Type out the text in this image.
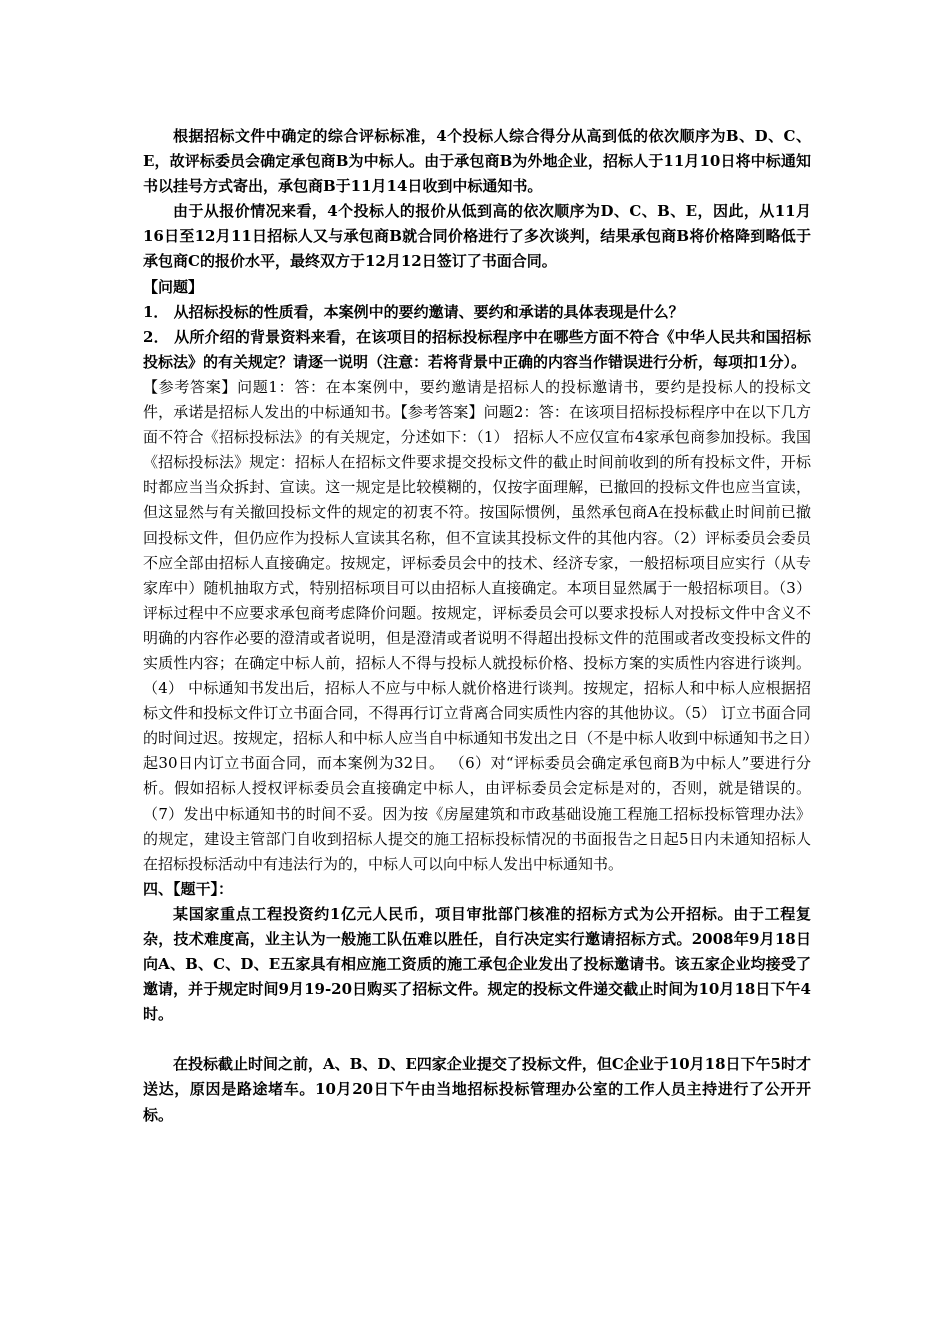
根据招标文件中确定的综合评标标准，4个投标人综合得分从高到低的依次顺序为B、D、C、E，故评标委员会确定承包商B为中标人。由于承包商B为外地企业，招标人于11月10日将中标通知书以挂号方式寄出，承包商B于11月14日收到中标通知书。

由于从报价情况来看，4个投标人的报价从低到高的依次顺序为D、C、B、E，因此，从11月16日至12月11日招标人又与承包商B就合同价格进行了多次谈判，结果承包商B将价格降到略低于承包商C的报价水平，最终双方于12月12日签订了书面合同。

【问题】

1． 从招标投标的性质看，本案例中的要约邀请、要约和承诺的具体表现是什么？

2． 从所介绍的背景资料来看，在该项目的招标投标程序中在哪些方面不符合《中华人民共和国招标投标法》的有关规定？请逐一说明（注意：若将背景中正确的内容当作错误进行分析，每项扣1分）。

【参考答案】问题1：答：在本案例中，要约邀请是招标人的投标邀请书，要约是投标人的投标文件，承诺是招标人发出的中标通知书。【参考答案】问题2：答：在该项目招标投标程序中在以下几方面不符合《招标投标法》的有关规定，分述如下：（1） 招标人不应仅宣布4家承包商参加投标。我国《招标投标法》规定：招标人在招标文件要求提交投标文件的截止时间前收到的所有投标文件，开标时都应当当众拆封、宣读。这一规定是比较模糊的，仅按字面理解，已撤回的投标文件也应当宣读，但这显然与有关撤回投标文件的规定的初衷不符。按国际惯例，虽然承包商A在投标截止时间前已撤回投标文件，但仍应作为投标人宣读其名称，但不宣读其投标文件的其他内容。（2）评标委员会委员不应全部由招标人直接确定。按规定，评标委员会中的技术、经济专家，一般招标项目应实行（从专家库中）随机抽取方式，特别招标项目可以由招标人直接确定。本项目显然属于一般招标项目。（3） 评标过程中不应要求承包商考虑降价问题。按规定，评标委员会可以要求投标人对投标文件中含义不明确的内容作必要的澄清或者说明，但是澄清或者说明不得超出投标文件的范围或者改变投标文件的实质性内容；在确定中标人前，招标人不得与投标人就投标价格、投标方案的实质性内容进行谈判。（4） 中标通知书发出后，招标人不应与中标人就价格进行谈判。按规定，招标人和中标人应根据招标文件和投标文件订立书面合同，不得再行订立背离合同实质性内容的其他协议。（5） 订立书面合同的时间过迟。按规定，招标人和中标人应当自中标通知书发出之日（不是中标人收到中标通知书之日）起30日内订立书面合同，而本案例为32日。 （6）对“评标委员会确定承包商B为中标人”要进行分析。假如招标人授权评标委员会直接确定中标人，由评标委员会定标是对的，否则，就是错误的。 （7）发出中标通知书的时间不妥。因为按《房屋建筑和市政基础设施工程施工招标投标管理办法》的规定，建设主管部门自收到招标人提交的施工招标投标情况的书面报告之日起5日内未通知招标人在招标投标活动中有违法行为的，中标人可以向中标人发出中标通知书。

四、【题干】：

某国家重点工程投资约1亿元人民币，项目审批部门核准的招标方式为公开招标。由于工程复杂，技术难度高，业主认为一般施工队伍难以胜任，自行决定实行邀请招标方式。2008年9月18日向A、B、C、D、E五家具有相应施工资质的施工承包企业发出了投标邀请书。该五家企业均接受了邀请，并于规定时间9月19-20日购买了招标文件。规定的投标文件递交截止时间为10月18日下午4时。

在投标截止时间之前，A、B、D、E四家企业提交了投标文件，但C企业于10月18日下午5时才送达，原因是路途堵车。10月20日下午由当地招标投标管理办公室的工作人员主持进行了公开开标。
